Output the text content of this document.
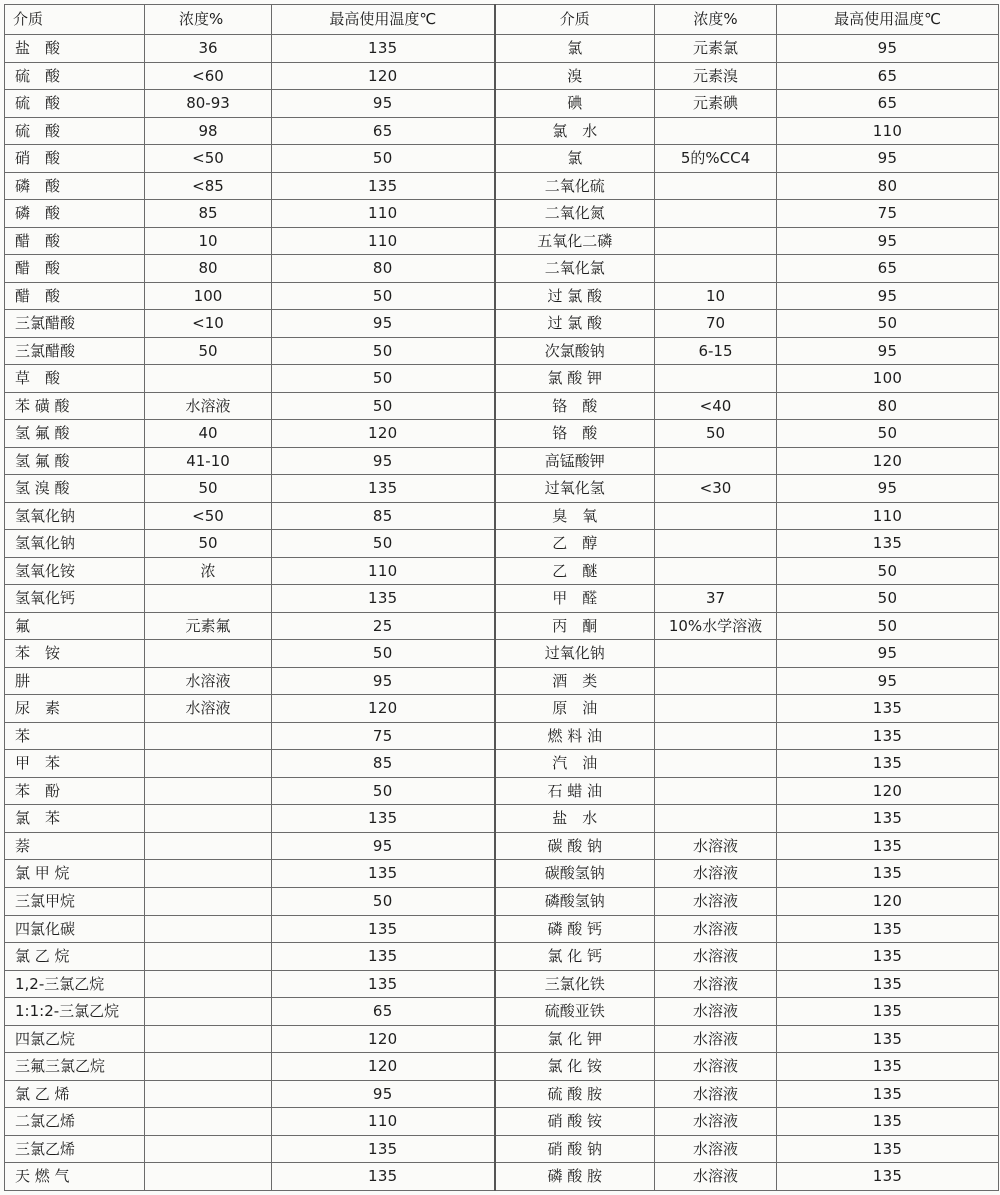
介质	浓度%	最高使用温度℃	介质	浓度%	最高使用温度℃
盐　酸	36	135	氯	元素氯	95
硫　酸	<60	120	溴	元素溴	65
硫　酸	80-93	95	碘	元素碘	65
硫　酸	98	65	氯　水		110
硝　酸	<50	50	氯	5的%CC4	95
磷　酸	<85	135	二氧化硫		80
磷　酸	85	110	二氧化氮		75
醋　酸	10	110	五氧化二磷		95
醋　酸	80	80	二氧化氯		65
醋　酸	100	50	过 氯 酸	10	95
三氯醋酸	<10	95	过 氯 酸	70	50
三氯醋酸	50	50	次氯酸钠	6-15	95
草　酸		50	氯 酸 钾		100
苯 磺 酸	水溶液	50	铬　酸	<40	80
氢 氟 酸	40	120	铬　酸	50	50
氢 氟 酸	41-10	95	高锰酸钾		120
氢 溴 酸	50	135	过氧化氢	<30	95
氢氧化钠	<50	85	臭　氧		110
氢氧化钠	50	50	乙　醇		135
氢氧化铵	浓	110	乙　醚		50
氢氧化钙		135	甲　醛	37	50
氟	元素氟	25	丙　酮	10%水学溶液	50
苯　铵		50	过氧化钠		95
肼	水溶液	95	酒　类		95
尿　素	水溶液	120	原　油		135
苯		75	燃 料 油		135
甲　苯		85	汽　油		135
苯　酚		50	石 蜡 油		120
氯　苯		135	盐　水		135
萘		95	碳 酸 钠	水溶液	135
氯 甲 烷		135	碳酸氢钠	水溶液	135
三氯甲烷		50	磷酸氢钠	水溶液	120
四氯化碳		135	磷 酸 钙	水溶液	135
氯 乙 烷		135	氯 化 钙	水溶液	135
1,2-三氯乙烷		135	三氯化铁	水溶液	135
1:1:2-三氯乙烷		65	硫酸亚铁	水溶液	135
四氯乙烷		120	氯 化 钾	水溶液	135
三氟三氯乙烷		120	氯 化 铵	水溶液	135
氯 乙 烯		95	硫 酸 胺	水溶液	135
二氯乙烯		110	硝 酸 铵	水溶液	135
三氯乙烯		135	硝 酸 钠	水溶液	135
天 燃 气		135	磷 酸 胺	水溶液	135
